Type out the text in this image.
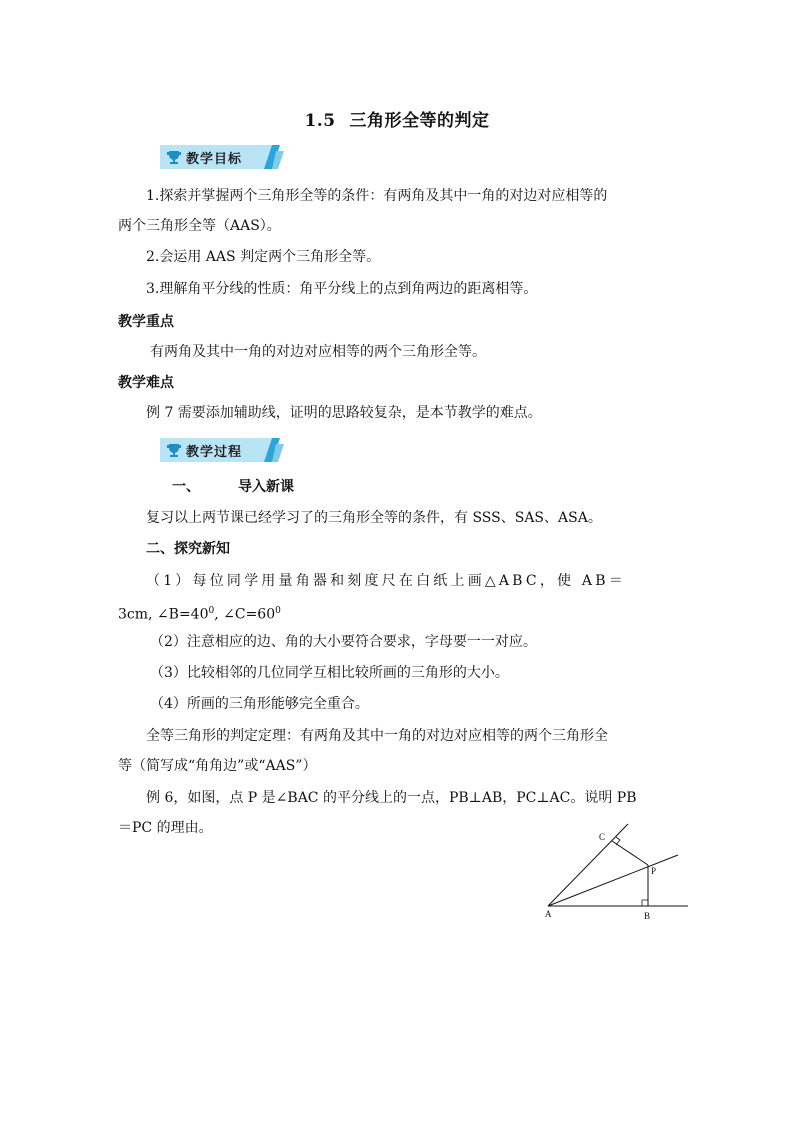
1.5 三角形全等的判定
教学目标
1.探索并掌握两个三角形全等的条件：有两角及其中一角的对边对应相等的
两个三角形全等（AAS）。
2.会运用 AAS 判定两个三角形全等。
3.理解角平分线的性质：角平分线上的点到角两边的距离相等。
教学重点
有两角及其中一角的对边对应相等的两个三角形全等。
教学难点
例 7 需要添加辅助线，证明的思路较复杂，是本节教学的难点。
教学过程
一、	导入新课
复习以上两节课已经学习了的三角形全等的条件，有 SSS、SAS、ASA。
二、探究新知
（1）每位同学用量角器和刻度尺在白纸上画△ABC，使 AB＝
3cm, $\angle B=40^0$, $\angle C=60^0$
（2）注意相应的边、角的大小要符合要求，字母要一一对应。
（3）比较相邻的几位同学互相比较所画的三角形的大小。
（4）所画的三角形能够完全重合。
全等三角形的判定定理：有两角及其中一角的对边对应相等的两个三角形全
等（简写成“角角边”或“AAS”）
例 6，如图，点 P 是∠BAC 的平分线上的一点，PB⊥AB，PC⊥AC。说明 PB
＝PC 的理由。
A	B
C
P
